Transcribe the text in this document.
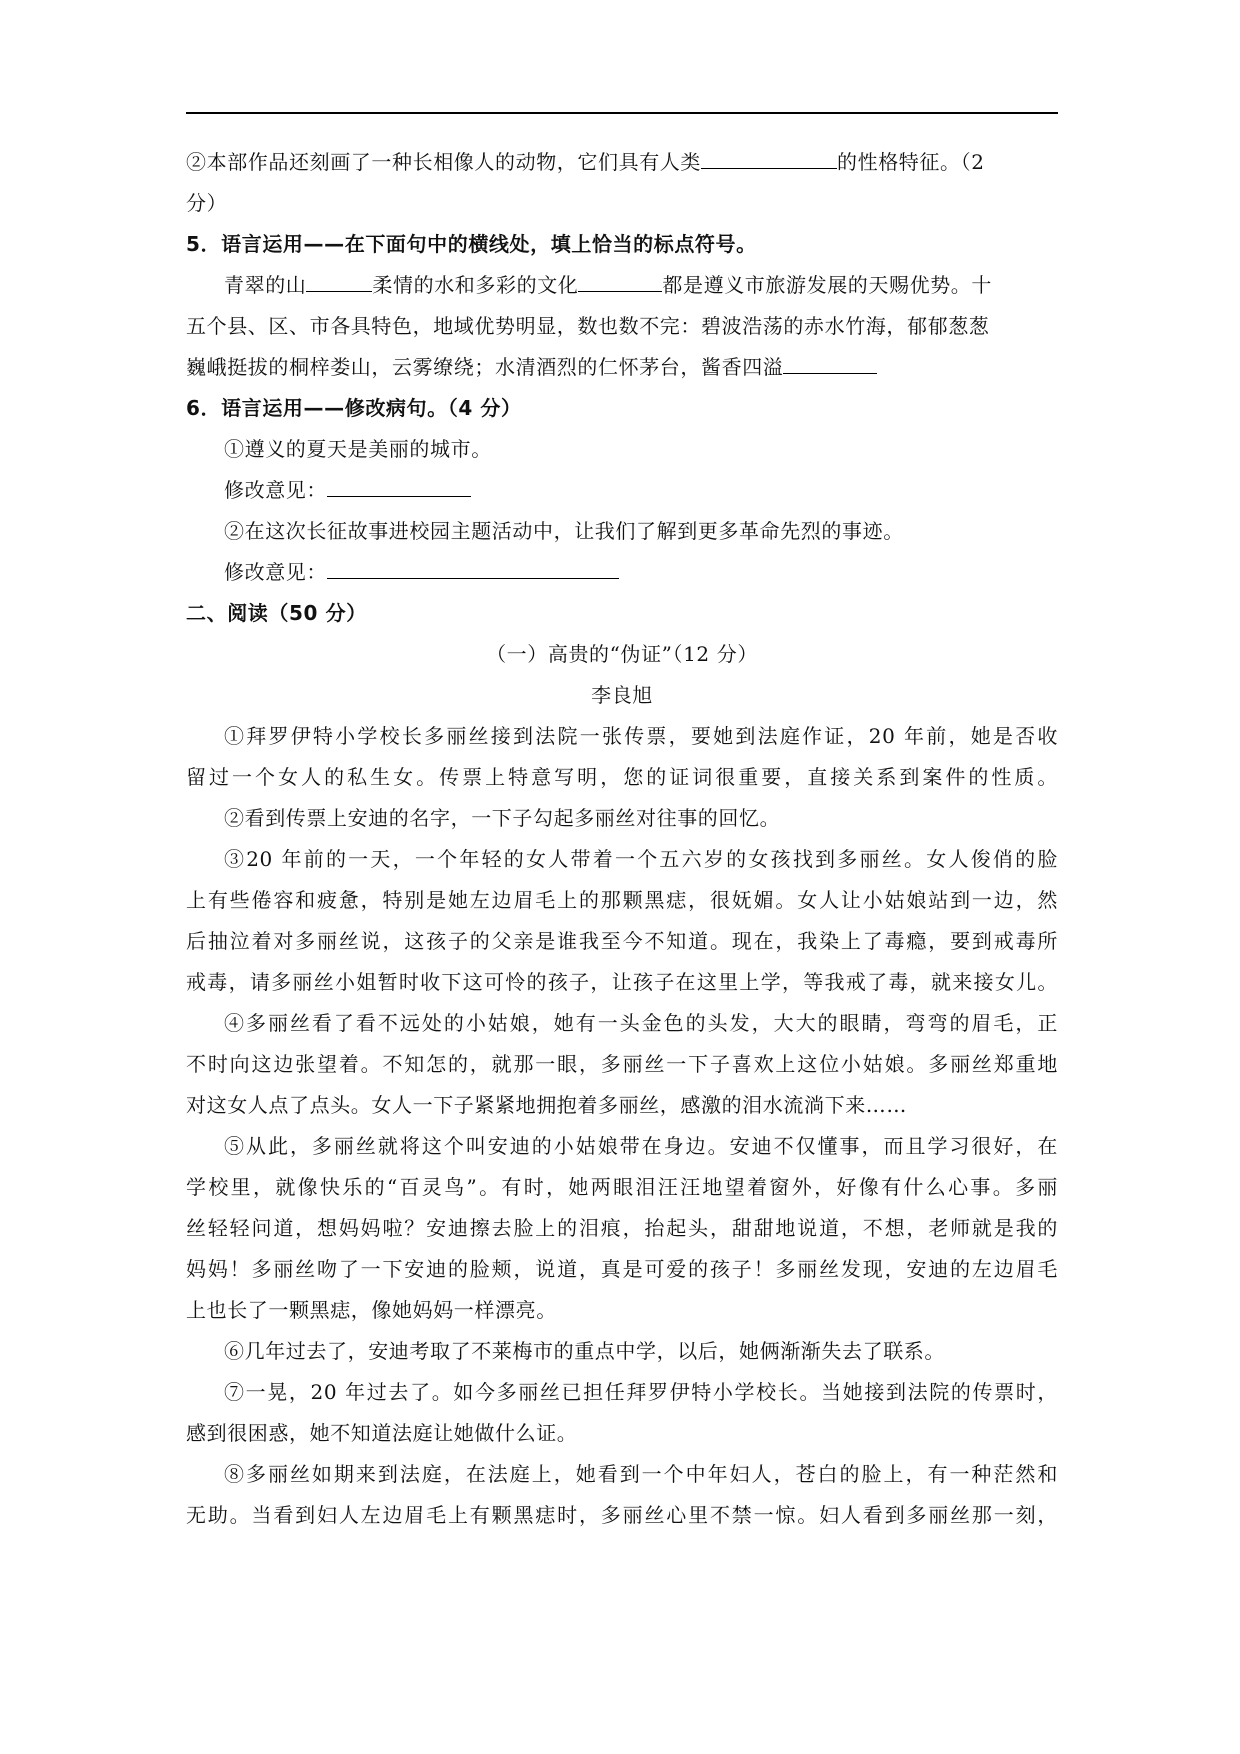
②本部作品还刻画了一种长相像人的动物，它们具有人类	的性格特征。（2
分）
5．语言运用——在下面句中的横线处，填上恰当的标点符号。
青翠的山	柔情的水和多彩的文化	都是遵义市旅游发展的天赐优势。十
五个县、区、市各具特色，地域优势明显，数也数不完：碧波浩荡的赤水竹海，郁郁葱葱
巍峨挺拔的桐梓娄山，云雾缭绕；水清酒烈的仁怀茅台，酱香四溢
6．语言运用——修改病句。（4 分）
①遵义的夏天是美丽的城市。
修改意见：
②在这次长征故事进校园主题活动中，让我们了解到更多革命先烈的事迹。
修改意见：
二、阅读（50 分）
（一）高贵的“伪证”（12 分）
李良旭
①拜罗伊特小学校长多丽丝接到法院一张传票，要她到法庭作证，20 年前，她是否收
留过一个女人的私生女。传票上特意写明，您的证词很重要，直接关系到案件的性质。
②看到传票上安迪的名字，一下子勾起多丽丝对往事的回忆。
③20 年前的一天，一个年轻的女人带着一个五六岁的女孩找到多丽丝。女人俊俏的脸
上有些倦容和疲惫，特别是她左边眉毛上的那颗黑痣，很妩媚。女人让小姑娘站到一边，然
后抽泣着对多丽丝说，这孩子的父亲是谁我至今不知道。现在，我染上了毒瘾，要到戒毒所
戒毒，请多丽丝小姐暂时收下这可怜的孩子，让孩子在这里上学，等我戒了毒，就来接女儿。
④多丽丝看了看不远处的小姑娘，她有一头金色的头发，大大的眼睛，弯弯的眉毛，正
不时向这边张望着。不知怎的，就那一眼，多丽丝一下子喜欢上这位小姑娘。多丽丝郑重地
对这女人点了点头。女人一下子紧紧地拥抱着多丽丝，感激的泪水流淌下来……
⑤从此，多丽丝就将这个叫安迪的小姑娘带在身边。安迪不仅懂事，而且学习很好，在
学校里，就像快乐的“百灵鸟”。有时，她两眼泪汪汪地望着窗外，好像有什么心事。多丽
丝轻轻问道，想妈妈啦？安迪擦去脸上的泪痕，抬起头，甜甜地说道，不想，老师就是我的
妈妈！多丽丝吻了一下安迪的脸颊，说道，真是可爱的孩子！多丽丝发现，安迪的左边眉毛
上也长了一颗黑痣，像她妈妈一样漂亮。
⑥几年过去了，安迪考取了不莱梅市的重点中学，以后，她俩渐渐失去了联系。
⑦一晃，20 年过去了。如今多丽丝已担任拜罗伊特小学校长。当她接到法院的传票时，
感到很困惑，她不知道法庭让她做什么证。
⑧多丽丝如期来到法庭，在法庭上，她看到一个中年妇人，苍白的脸上，有一种茫然和
无助。当看到妇人左边眉毛上有颗黑痣时，多丽丝心里不禁一惊。妇人看到多丽丝那一刻，
